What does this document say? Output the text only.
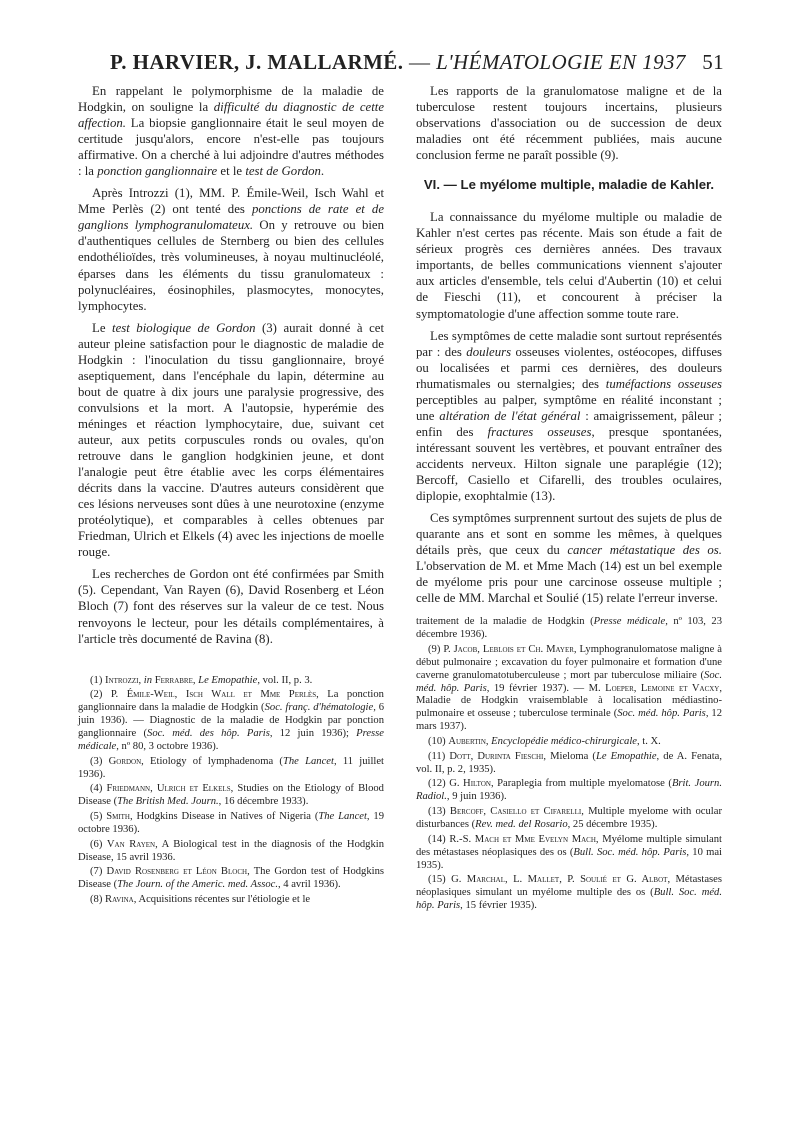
P. HARVIER, J. MALLARMÉ. — L'HÉMATOLOGIE EN 1937 51

En rappelant le polymorphisme de la maladie de Hodgkin, on souligne la difficulté du diagnostic de cette affection. La biopsie ganglionnaire était le seul moyen de certitude jusqu'alors, encore n'est-elle pas toujours affirmative. On a cherché à lui adjoindre d'autres méthodes : la ponction ganglionnaire et le test de Gordon.

Après Introzzi (1), MM. P. Émile-Weil, Isch Wahl et Mme Perlès (2) ont tenté des ponctions de rate et de ganglions lymphogranulomateux. On y retrouve ou bien d'authentiques cellules de Sternberg ou bien des cellules endothélioïdes, très volumineuses, à noyau multinucléolé, éparses dans les éléments du tissu granulomateux : polynucléaires, éosinophiles, plasmocytes, monocytes, lymphocytes.

Le test biologique de Gordon (3) aurait donné à cet auteur pleine satisfaction pour le diagnostic de maladie de Hodgkin : l'inoculation du tissu ganglionnaire, broyé aseptiquement, dans l'encéphale du lapin, détermine au bout de quatre à dix jours une paralysie progressive, des convulsions et la mort. A l'autopsie, hyperémie des méninges et réaction lymphocytaire, due, suivant cet auteur, aux petits corpuscules ronds ou ovales, qu'on retrouve dans le ganglion hodgkinien jeune, et dont l'analogie peut être établie avec les corps élémentaires décrits dans la vaccine. D'autres auteurs considèrent que ces lésions nerveuses sont dûes à une neurotoxine (enzyme protéolytique), et comparables à celles obtenues par Friedman, Ulrich et Elkels (4) avec les injections de moelle rouge.

Les recherches de Gordon ont été confirmées par Smith (5). Cependant, Van Rayen (6), David Rosenberg et Léon Bloch (7) font des réserves sur la valeur de ce test. Nous renvoyons le lecteur, pour les détails complémentaires, à l'article très documenté de Ravina (8).

(1) Introzzi, in Ferrabre, Le Emopathie, vol. II, p. 3.

(2) P. Émile-Weil, Isch Wall et Mme Perlès, La ponction ganglionnaire dans la maladie de Hodgkin (Soc. franç. d'hématologie, 6 juin 1936). — Diagnostic de la maladie de Hodgkin par ponction ganglionnaire (Soc. méd. des hôp. Paris, 12 juin 1936); Presse médicale, nº 80, 3 octobre 1936).

(3) Gordon, Etiology of lymphadenoma (The Lancet, 11 juillet 1936).

(4) Friedmann, Ulrich et Elkels, Studies on the Etiology of Blood Disease (The British Med. Journ., 16 décembre 1933).

(5) Smith, Hodgkins Disease in Natives of Nigeria (The Lancet, 19 octobre 1936).

(6) Van Rayen, A Biological test in the diagnosis of the Hodgkin Disease, 15 avril 1936.

(7) David Rosenberg et Léon Bloch, The Gordon test of Hodgkins Disease (The Journ. of the Americ. med. Assoc., 4 avril 1936).

(8) Ravina, Acquisitions récentes sur l'étiologie et le

Les rapports de la granulomatose maligne et de la tuberculose restent toujours incertains, plusieurs observations d'association ou de succession de deux maladies ont été récemment publiées, mais aucune conclusion ferme ne paraît possible (9).

VI. — Le myélome multiple, maladie de Kahler.

La connaissance du myélome multiple ou maladie de Kahler n'est certes pas récente. Mais son étude a fait de sérieux progrès ces dernières années. Des travaux importants, de belles communications viennent s'ajouter aux articles d'ensemble, tels celui d'Aubertin (10) et celui de Fieschi (11), et concourent à préciser la symptomatologie d'une affection somme toute rare.

Les symptômes de cette maladie sont surtout représentés par : des douleurs osseuses violentes, ostéocopes, diffuses ou localisées et parmi ces dernières, des douleurs rhumatismales ou sternalgies; des tuméfactions osseuses perceptibles au palper, symptôme en réalité inconstant ; une altération de l'état général : amaigrissement, pâleur ; enfin des fractures osseuses, presque spontanées, intéressant souvent les vertèbres, et pouvant entraîner des accidents nerveux. Hilton signale une paraplégie (12); Bercoff, Casiello et Cifarelli, des troubles oculaires, diplopie, exophtalmie (13).

Ces symptômes surprennent surtout des sujets de plus de quarante ans et sont en somme les mêmes, à quelques détails près, que ceux du cancer métastatique des os. L'observation de M. et Mme Mach (14) est un bel exemple de myélome pris pour une carcinose osseuse multiple ; celle de MM. Marchal et Soulié (15) relate l'erreur inverse.

traitement de la maladie de Hodgkin (Presse médicale, nº 103, 23 décembre 1936).

(9) P. Jacob, Leblois et Ch. Mayer, Lymphogranulomatose maligne à début pulmonaire ; excavation du foyer pulmonaire et formation d'une caverne granulomatotuberculeuse ; mort par tuberculose miliaire (Soc. méd. hôp. Paris, 19 février 1937). — M. Loeper, Lemoine et Vacxy, Maladie de Hodgkin vraisemblable à localisation médiastino-pulmonaire et osseuse ; tuberculose terminale (Soc. méd. hôp. Paris, 12 mars 1937).

(10) Aubertin, Encyclopédie médico-chirurgicale, t. X.

(11) Dott, Durinta Fieschi, Mieloma (Le Emopathie, de A. Fenata, vol. II, p. 2, 1935).

(12) G. Hilton, Paraplegia from multiple myelomatose (Brit. Journ. Radiol., 9 juin 1936).

(13) Bercoff, Casiello et Cifarelli, Multiple myelome with ocular disturbances (Rev. med. del Rosario, 25 décembre 1935).

(14) R.-S. Mach et Mme Evelyn Mach, Myélome multiple simulant des métastases néoplasiques des os (Bull. Soc. méd. hôp. Paris, 10 mai 1935).

(15) G. Marchal, L. Mallet, P. Soulié et G. Albot, Métastases néoplasiques simulant un myélome multiple des os (Bull. Soc. méd. hôp. Paris, 15 février 1935).
